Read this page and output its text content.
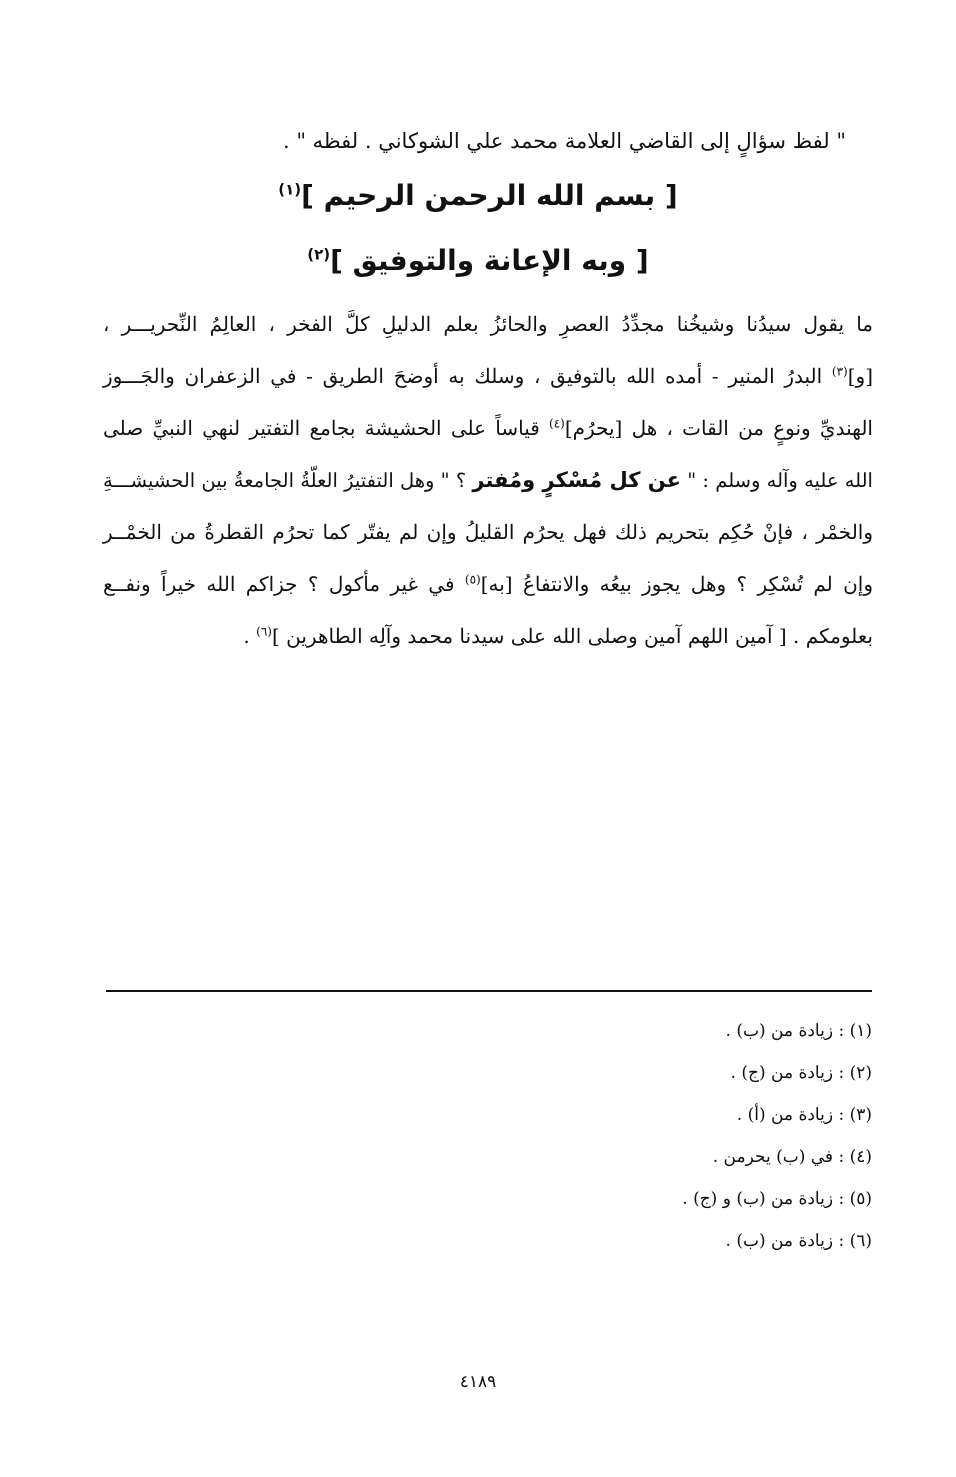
" لفظ سؤالٍ إلى القاضي العلامة محمد علي الشوكاني . لفظه " .
[ بسم الله الرحمن الرحيم ]$^{(١)}$
[ وبه الإعانة والتوفيق ]$^{(٢)}$
ما يقول سيدُنا وشيخُنا مجدِّدُ العصرِ والحائزُ بعلم الدليلِ كلَّ الفخر ، العالِمُ النِّحريـــر ،
[و]$^{(٣)}$ البدرُ المنير - أمده الله بالتوفيق ، وسلك به أوضحَ الطريق - في الزعفران والجَـــوز
الهنديِّ ونوعٍ من القات ، هل [يحرُم]$^{(٤)}$ قياساً على الحشيشة بجامع التفتير لنهي النبيِّ صلى
الله عليه وآله وسلم : " عن كل مُسْكرٍ ومُفتر ؟ " وهل التفتيرُ العلّةُ الجامعةُ بين الحشيشـــةِ
والخمْر ، فإنْ حُكِم بتحريم ذلك فهل يحرُم القليلُ وإن لم يفتّر كما تحرُم القطرةُ من الخمْــر
وإن لم تُسْكِر ؟ وهل يجوز بيعُه والانتفاعُ [به]$^{(٥)}$ في غير مأكول ؟ جزاكم الله خيراً ونفــع
بعلومكم . [ آمين اللهم آمين وصلى الله على سيدنا محمد وآلِه الطاهرين ]$^{(٦)}$ .
(١) : زيادة من (ب) .
(٢) : زيادة من (ج) .
(٣) : زيادة من (أ) .
(٤) : في (ب) يحرمن .
(٥) : زيادة من (ب) و (ج) .
(٦) : زيادة من (ب) .
٤١٨٩
